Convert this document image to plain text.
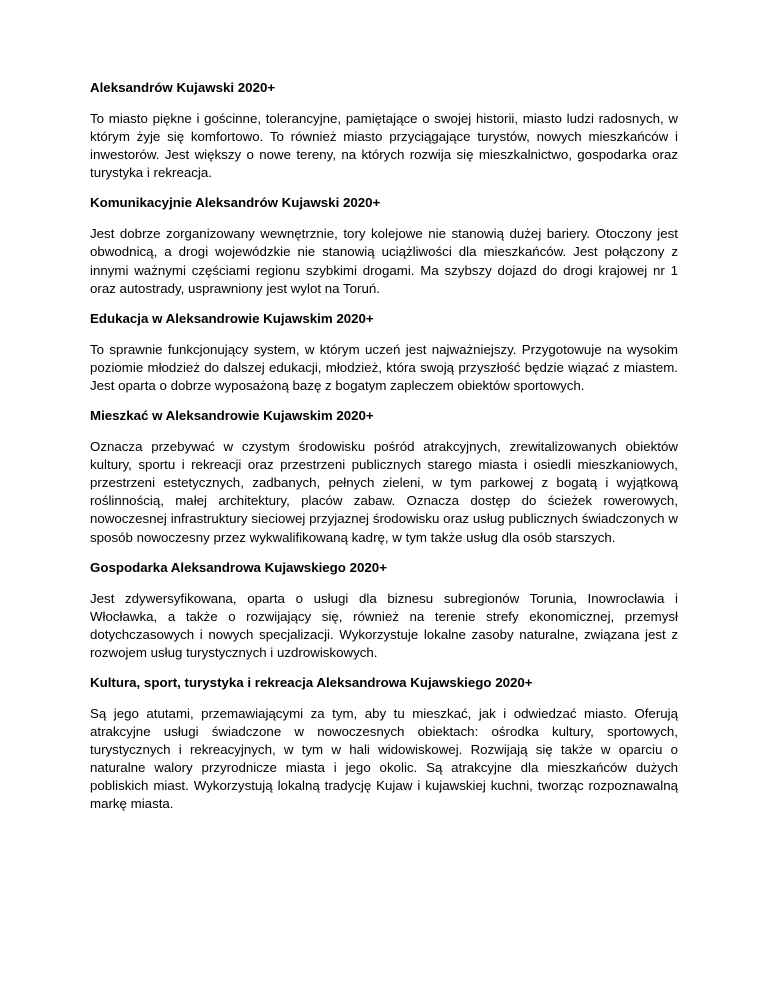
Aleksandrów Kujawski 2020+

To miasto piękne i gościnne, tolerancyjne, pamiętające o swojej historii, miasto ludzi radosnych, w którym żyje się komfortowo. To również miasto przyciągające turystów, nowych mieszkańców i inwestorów. Jest większy o nowe tereny, na których rozwija się mieszkalnictwo, gospodarka oraz turystyka i rekreacja.

Komunikacyjnie Aleksandrów Kujawski 2020+

Jest dobrze zorganizowany wewnętrznie, tory kolejowe nie stanowią dużej bariery. Otoczony jest obwodnicą, a drogi wojewódzkie nie stanowią uciążliwości dla mieszkańców. Jest połączony z innymi ważnymi częściami regionu szybkimi drogami. Ma szybszy dojazd do drogi krajowej nr 1 oraz autostrady, usprawniony jest wylot na Toruń.

Edukacja w Aleksandrowie Kujawskim 2020+

To sprawnie funkcjonujący system, w którym uczeń jest najważniejszy. Przygotowuje na wysokim poziomie młodzież do dalszej edukacji, młodzież, która swoją przyszłość będzie wiązać z miastem. Jest oparta o dobrze wyposażoną bazę z bogatym zapleczem obiektów sportowych.

Mieszkać w Aleksandrowie Kujawskim 2020+

Oznacza przebywać w czystym środowisku pośród atrakcyjnych, zrewitalizowanych obiektów kultury, sportu i rekreacji oraz przestrzeni publicznych starego miasta i osiedli mieszkaniowych, przestrzeni estetycznych, zadbanych, pełnych zieleni, w tym parkowej z bogatą i wyjątkową roślinnością, małej architektury, placów zabaw. Oznacza dostęp do ścieżek rowerowych, nowoczesnej infrastruktury sieciowej przyjaznej środowisku oraz usług publicznych świadczonych w sposób nowoczesny przez wykwalifikowaną kadrę, w tym także usług dla osób starszych.

Gospodarka Aleksandrowa Kujawskiego 2020+

Jest zdywersyfikowana, oparta o usługi dla biznesu subregionów Torunia, Inowrocławia i Włocławka, a także o rozwijający się, również na terenie strefy ekonomicznej, przemysł dotychczasowych i nowych specjalizacji. Wykorzystuje lokalne zasoby naturalne, związana jest z rozwojem usług turystycznych i uzdrowiskowych.

Kultura, sport, turystyka i rekreacja Aleksandrowa Kujawskiego 2020+

Są jego atutami, przemawiającymi za tym, aby tu mieszkać, jak i odwiedzać miasto. Oferują atrakcyjne usługi świadczone w nowoczesnych obiektach: ośrodka kultury, sportowych, turystycznych i rekreacyjnych, w tym w hali widowiskowej. Rozwijają się także w oparciu o naturalne walory przyrodnicze miasta i jego okolic. Są atrakcyjne dla mieszkańców dużych pobliskich miast. Wykorzystują lokalną tradycję Kujaw i kujawskiej kuchni, tworząc rozpoznawalną markę miasta.
